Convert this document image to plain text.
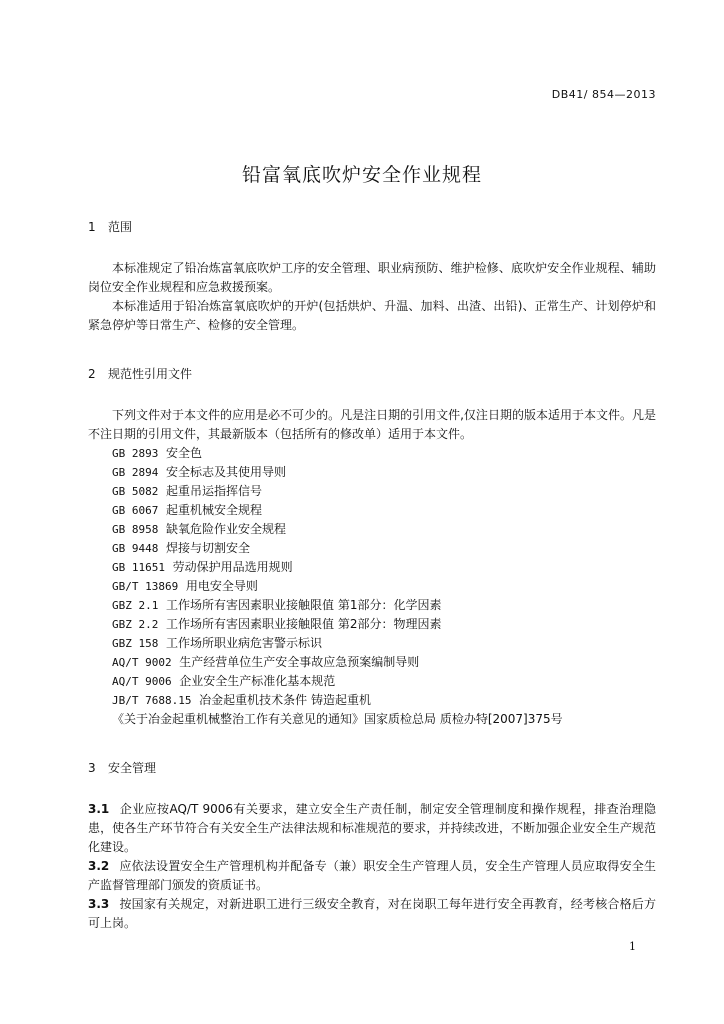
DB41/ 854—2013
铅富氧底吹炉安全作业规程
1 范围

本标准规定了铅冶炼富氧底吹炉工序的安全管理、职业病预防、维护检修、底吹炉安全作业规程、辅助岗位安全作业规程和应急救援预案。

本标准适用于铅冶炼富氧底吹炉的开炉(包括烘炉、升温、加料、出渣、出铅)、正常生产、计划停炉和紧急停炉等日常生产、检修的安全管理。

2 规范性引用文件

下列文件对于本文件的应用是必不可少的。凡是注日期的引用文件,仅注日期的版本适用于本文件。凡是不注日期的引用文件，其最新版本（包括所有的修改单）适用于本文件。

GB 2893 安全色
GB 2894 安全标志及其使用导则
GB 5082 起重吊运指挥信号
GB 6067 起重机械安全规程
GB 8958 缺氧危险作业安全规程
GB 9448 焊接与切割安全
GB 11651 劳动保护用品选用规则
GB/T 13869 用电安全导则
GBZ 2.1 工作场所有害因素职业接触限值 第1部分：化学因素
GBZ 2.2 工作场所有害因素职业接触限值 第2部分：物理因素
GBZ 158 工作场所职业病危害警示标识
AQ/T 9002 生产经营单位生产安全事故应急预案编制导则
AQ/T 9006 企业安全生产标准化基本规范
JB/T 7688.15 冶金起重机技术条件 铸造起重机
《关于冶金起重机械整治工作有关意见的通知》国家质检总局 质检办特[2007]375号
3 安全管理

3.1 企业应按AQ/T 9006有关要求，建立安全生产责任制，制定安全管理制度和操作规程，排查治理隐患，使各生产环节符合有关安全生产法律法规和标准规范的要求，并持续改进，不断加强企业安全生产规范化建设。

3.2 应依法设置安全生产管理机构并配备专（兼）职安全生产管理人员，安全生产管理人员应取得安全生产监督管理部门颁发的资质证书。

3.3 按国家有关规定，对新进职工进行三级安全教育，对在岗职工每年进行安全再教育，经考核合格后方可上岗。

1
